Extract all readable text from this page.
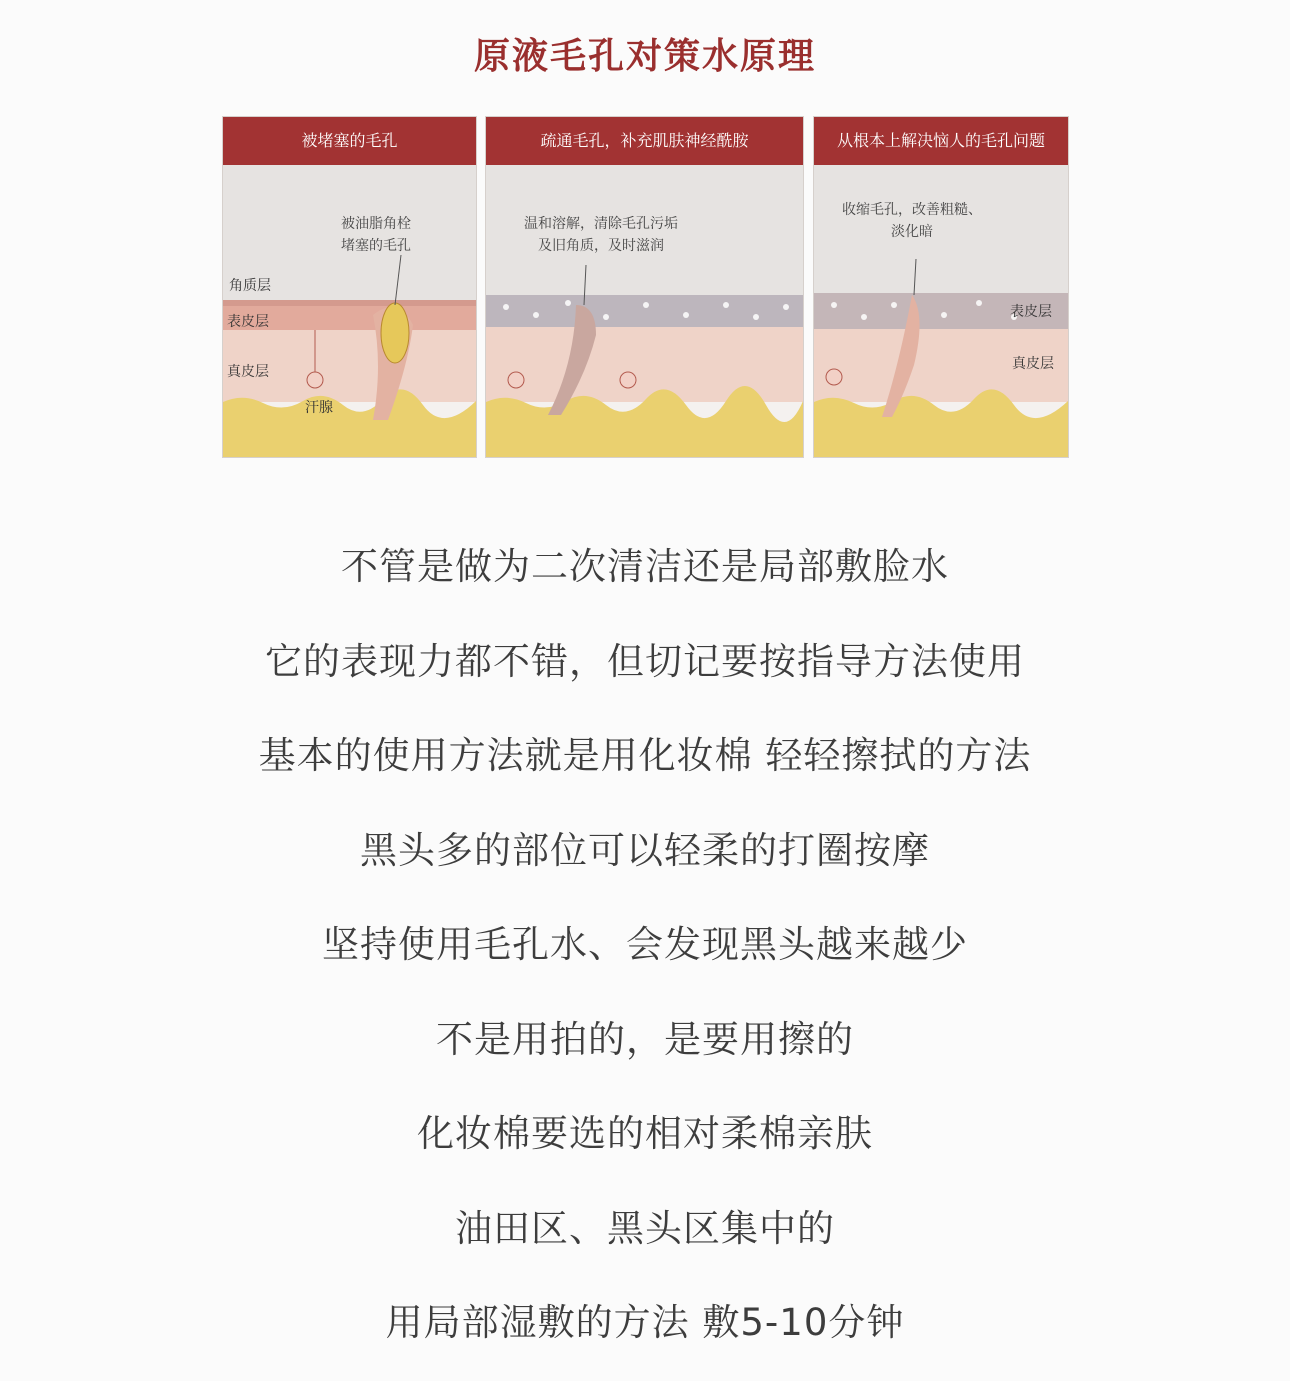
原液毛孔对策水原理
被堵塞的毛孔
被油脂角栓
堵塞的毛孔
角质层
表皮层
真皮层
汗腺
疏通毛孔，补充肌肤神经酰胺
温和溶解，清除毛孔污垢
及旧角质，及时滋润
从根本上解决恼人的毛孔问题
收缩毛孔，改善粗糙、
淡化暗
表皮层
真皮层
不管是做为二次清洁还是局部敷脸水
它的表现力都不错，但切记要按指导方法使用
基本的使用方法就是用化妆棉 轻轻擦拭的方法
黑头多的部位可以轻柔的打圈按摩
坚持使用毛孔水、会发现黑头越来越少
不是用拍的，是要用擦的
化妆棉要选的相对柔棉亲肤
油田区、黑头区集中的
用局部湿敷的方法 敷5-10分钟
